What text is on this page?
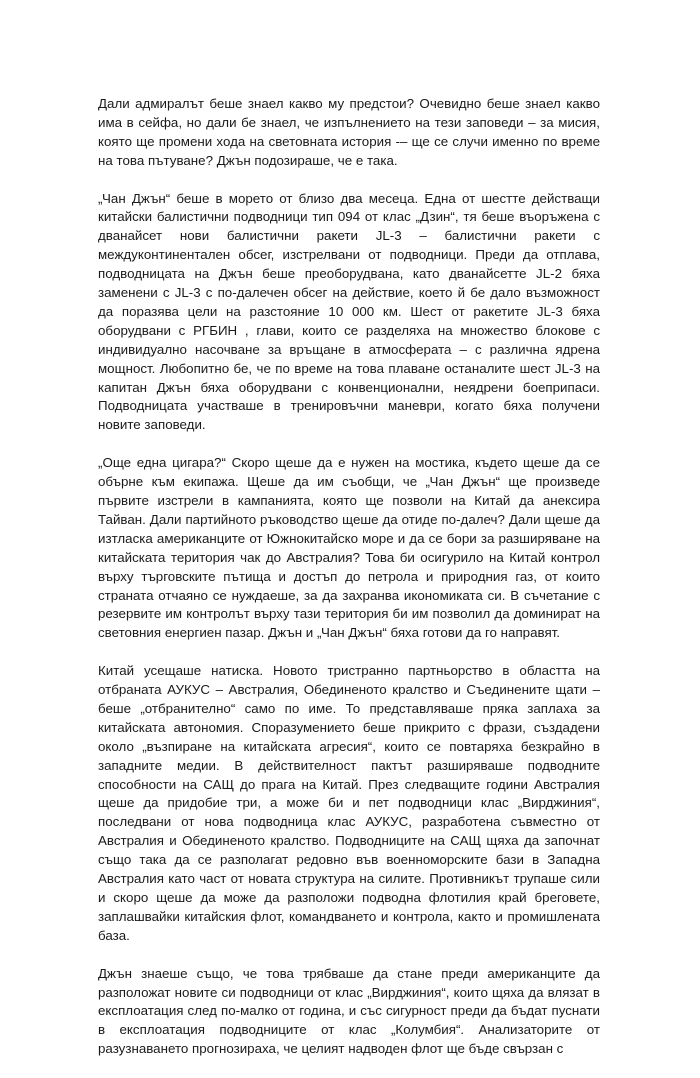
Дали адмиралът беше знаел какво му предстои? Очевидно беше знаел какво има в сейфа, но дали бе знаел, че изпълнението на тези заповеди – за мисия, която ще промени хода на световната история -– ще се случи именно по време на това пътуване? Джън подозираше, че е така.

„Чан Джън“ беше в морето от близо два месеца. Една от шестте действащи китайски балистични подводници тип 094 от клас „Дзин“, тя беше въоръжена с дванайсет нови балистични ракети JL-3 – балистични ракети с междуконтинентален обсег, изстрелвани от подводници. Преди да отплава, подводницата на Джън беше преоборудвана, като дванайсетте JL-2 бяха заменени с JL-3 с по-далечен обсег на действие, което й бе дало възможност да поразява цели на разстояние 10 000 км. Шест от ракетите JL-3 бяха оборудвани с РГБИН , глави, които се разделяха на множество блокове с индивидуално насочване за връщане в атмосферата – с различна ядрена мощност. Любопитно бе, че по време на това плаване останалите шест JL-3 на капитан Джън бяха оборудвани с конвенционални, неядрени боеприпаси. Подводницата участваше в тренировъчни маневри, когато бяха получени новите заповеди.

„Още една цигара?“ Скоро щеше да е нужен на мостика, където щеше да се обърне към екипажа. Щеше да им съобщи, че „Чан Джън“ ще произведе първите изстрели в кампанията, която ще позволи на Китай да анексира Тайван. Дали партийното ръководство щеше да отиде по-далеч? Дали щеше да изтласка американците от Южнокитайско море и да се бори за разширяване на китайската територия чак до Австралия? Това би осигурило на Китай контрол върху търговските пътища и достъп до петрола и природния газ, от които страната отчаяно се нуждаеше, за да захранва икономиката си. В съчетание с резервите им контролът върху тази територия би им позволил да доминират на световния енергиен пазар. Джън и „Чан Джън“ бяха готови да го направят.

Китай усещаше натиска. Новото тристранно партньорство в областта на отбраната АУКУС – Австралия, Обединеното кралство и Съединените щати – беше „отбранително“ само по име. То представляваше пряка заплаха за китайската автономия. Споразумението беше прикрито с фрази, създадени около „възпиране на китайската агресия“, които се повтаряха безкрайно в западните медии. В действителност пактът разширяваше подводните способности на САЩ до прага на Китай. През следващите години Австралия щеше да придобие три, а може би и пет подводници клас „Вирджиния“, последвани от нова подводница клас АУКУС, разработена съвместно от Австралия и Обединеното кралство. Подводниците на САЩ щяха да започнат също така да се разполагат редовно във военноморските бази в Западна Австралия като част от новата структура на силите. Противникът трупаше сили и скоро щеше да може да разположи подводна флотилия край бреговете, заплашвайки китайския флот, командването и контрола, както и промишлената база.

Джън знаеше също, че това трябваше да стане преди американците да разположат новите си подводници от клас „Вирджиния“, които щяха да влязат в експлоатация след по-малко от година, и със сигурност преди да бъдат пуснати в експлоатация подводниците от клас „Колумбия“. Анализаторите от разузнаването прогнозираха, че целият надводен флот ще бъде свързан с
